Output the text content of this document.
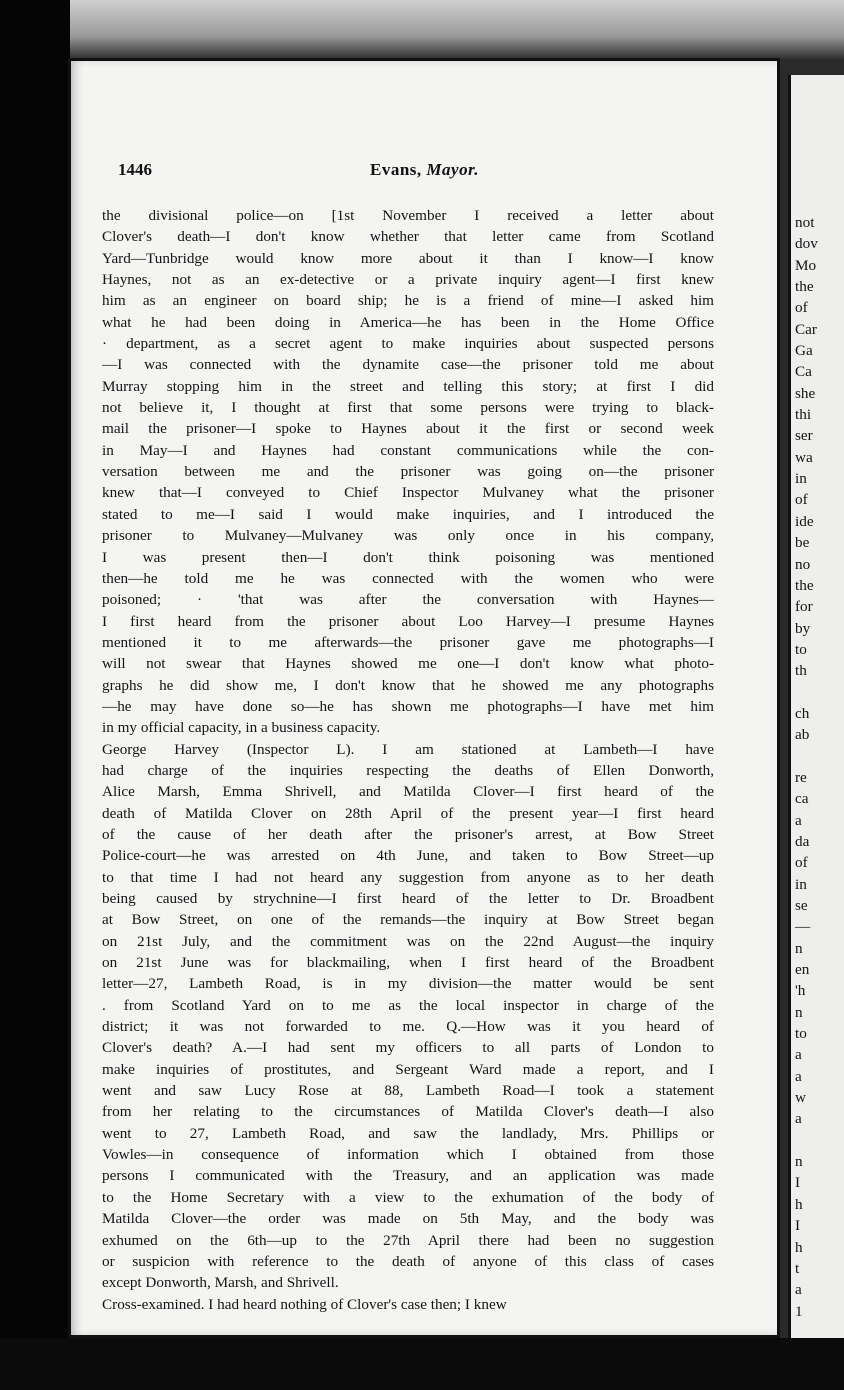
not
dov
Mo
the
of
Car
Ga
Ca
she
thi
ser
wa
in
of
ide
be
no
the
for
by
to
th
ch
ab
re
ca
a
da
of
in
se
—
n
en
'h
n
to
a
a
w
a
n
I
h
I
h
t
a
1
1446	Evans, Mayor.
the divisional police—on [1st November I received a letter about
Clover's death—I don't know whether that letter came from Scotland
Yard—Tunbridge would know more about it than I know—I know
Haynes, not as an ex-detective or a private inquiry agent—I first knew
him as an engineer on board ship; he is a friend of mine—I asked him
what he had been doing in America—he has been in the Home Office
· department, as a secret agent to make inquiries about suspected persons
—I was connected with the dynamite case—the prisoner told me about
Murray stopping him in the street and telling this story; at first I did
not believe it, I thought at first that some persons were trying to black-
mail the prisoner—I spoke to Haynes about it the first or second week
in May—I and Haynes had constant communications while the con-
versation between me and the prisoner was going on—the prisoner
knew that—I conveyed to Chief Inspector Mulvaney what the prisoner
stated to me—I said I would make inquiries, and I introduced the
prisoner to Mulvaney—Mulvaney was only once in his company,
I was present then—I don't think poisoning was mentioned
then—he told me he was connected with the women who were
poisoned; · 'that was after the conversation with Haynes—
I first heard from the prisoner about Loo Harvey—I presume Haynes
mentioned it to me afterwards—the prisoner gave me photographs—I
will not swear that Haynes showed me one—I don't know what photo-
graphs he did show me, I don't know that he showed me any photographs
—he may have done so—he has shown me photographs—I have met him
in my official capacity, in a business capacity.
George Harvey (Inspector L). I am stationed at Lambeth—I have
had charge of the inquiries respecting the deaths of Ellen Donworth,
Alice Marsh, Emma Shrivell, and Matilda Clover—I first heard of the
death of Matilda Clover on 28th April of the present year—I first heard
of the cause of her death after the prisoner's arrest, at Bow Street
Police-court—he was arrested on 4th June, and taken to Bow Street—up
to that time I had not heard any suggestion from anyone as to her death
being caused by strychnine—I first heard of the letter to Dr. Broadbent
at Bow Street, on one of the remands—the inquiry at Bow Street began
on 21st July, and the commitment was on the 22nd August—the inquiry
on 21st June was for blackmailing, when I first heard of the Broadbent
letter—27, Lambeth Road, is in my division—the matter would be sent
. from Scotland Yard on to me as the local inspector in charge of the
district; it was not forwarded to me. Q.—How was it you heard of
Clover's death? A.—I had sent my officers to all parts of London to
make inquiries of prostitutes, and Sergeant Ward made a report, and I
went and saw Lucy Rose at 88, Lambeth Road—I took a statement
from her relating to the circumstances of Matilda Clover's death—I also
went to 27, Lambeth Road, and saw the landlady, Mrs. Phillips or
Vowles—in consequence of information which I obtained from those
persons I communicated with the Treasury, and an application was made
to the Home Secretary with a view to the exhumation of the body of
Matilda Clover—the order was made on 5th May, and the body was
exhumed on the 6th—up to the 27th April there had been no suggestion
or suspicion with reference to the death of anyone of this class of cases
except Donworth, Marsh, and Shrivell.
Cross-examined. I had heard nothing of Clover's case then; I knew
